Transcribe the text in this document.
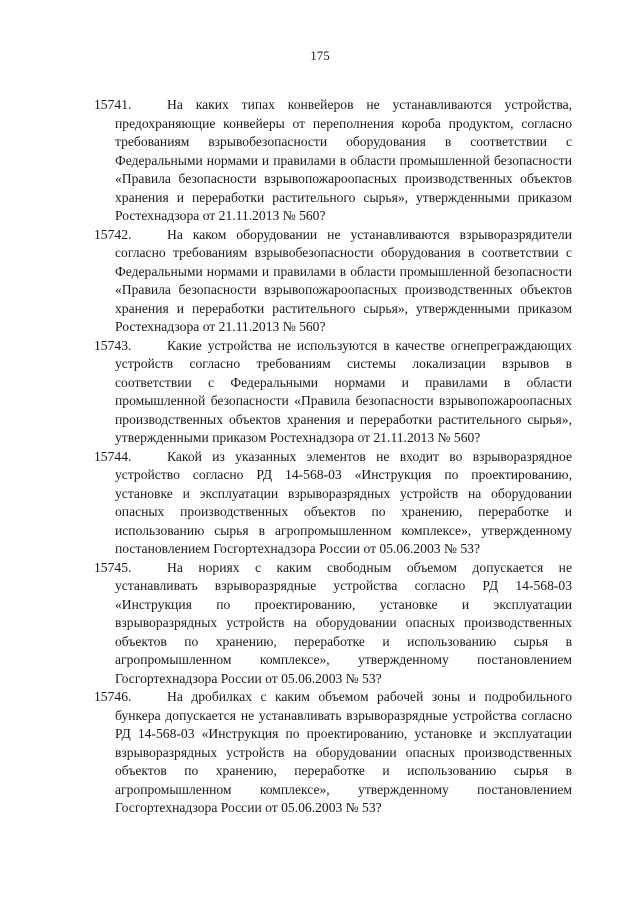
175

15741.	На каких типах конвейеров не устанавливаются устройства, предохраняющие конвейеры от переполнения короба продуктом, согласно требованиям взрывобезопасности оборудования в соответствии с Федеральными нормами и правилами в области промышленной безопасности «Правила безопасности взрывопожароопасных производственных объектов хранения и переработки растительного сырья», утвержденными приказом Ростехнадзора от 21.11.2013 № 560?

15742.	На каком оборудовании не устанавливаются взрыворазрядители согласно требованиям взрывобезопасности оборудования в соответствии с Федеральными нормами и правилами в области промышленной безопасности «Правила безопасности взрывопожароопасных производственных объектов хранения и переработки растительного сырья», утвержденными приказом Ростехнадзора от 21.11.2013 № 560?

15743.	Какие устройства не используются в качестве огнепреграждающих устройств согласно требованиям системы локализации взрывов в соответствии с Федеральными нормами и правилами в области промышленной безопасности «Правила безопасности взрывопожароопасных производственных объектов хранения и переработки растительного сырья», утвержденными приказом Ростехнадзора от 21.11.2013 № 560?

15744.	Какой из указанных элементов не входит во взрыворазрядное устройство согласно РД 14-568-03 «Инструкция по проектированию, установке и эксплуатации взрыворазрядных устройств на оборудовании опасных производственных объектов по хранению, переработке и использованию сырья в агропромышленном комплексе», утвержденному постановлением Госгортехнадзора России от 05.06.2003 № 53?

15745.	На нориях с каким свободным объемом допускается не устанавливать взрыворазрядные устройства согласно РД 14-568-03 «Инструкция по проектированию, установке и эксплуатации взрыворазрядных устройств на оборудовании опасных производственных объектов по хранению, переработке и использованию сырья в агропромышленном комплексе», утвержденному постановлением Госгортехнадзора России от 05.06.2003 № 53?

15746.	На дробилках с каким объемом рабочей зоны и подробильного бункера допускается не устанавливать взрыворазрядные устройства согласно РД 14-568-03 «Инструкция по проектированию, установке и эксплуатации взрыворазрядных устройств на оборудовании опасных производственных объектов по хранению, переработке и использованию сырья в агропромышленном комплексе», утвержденному постановлением Госгортехнадзора России от 05.06.2003 № 53?
